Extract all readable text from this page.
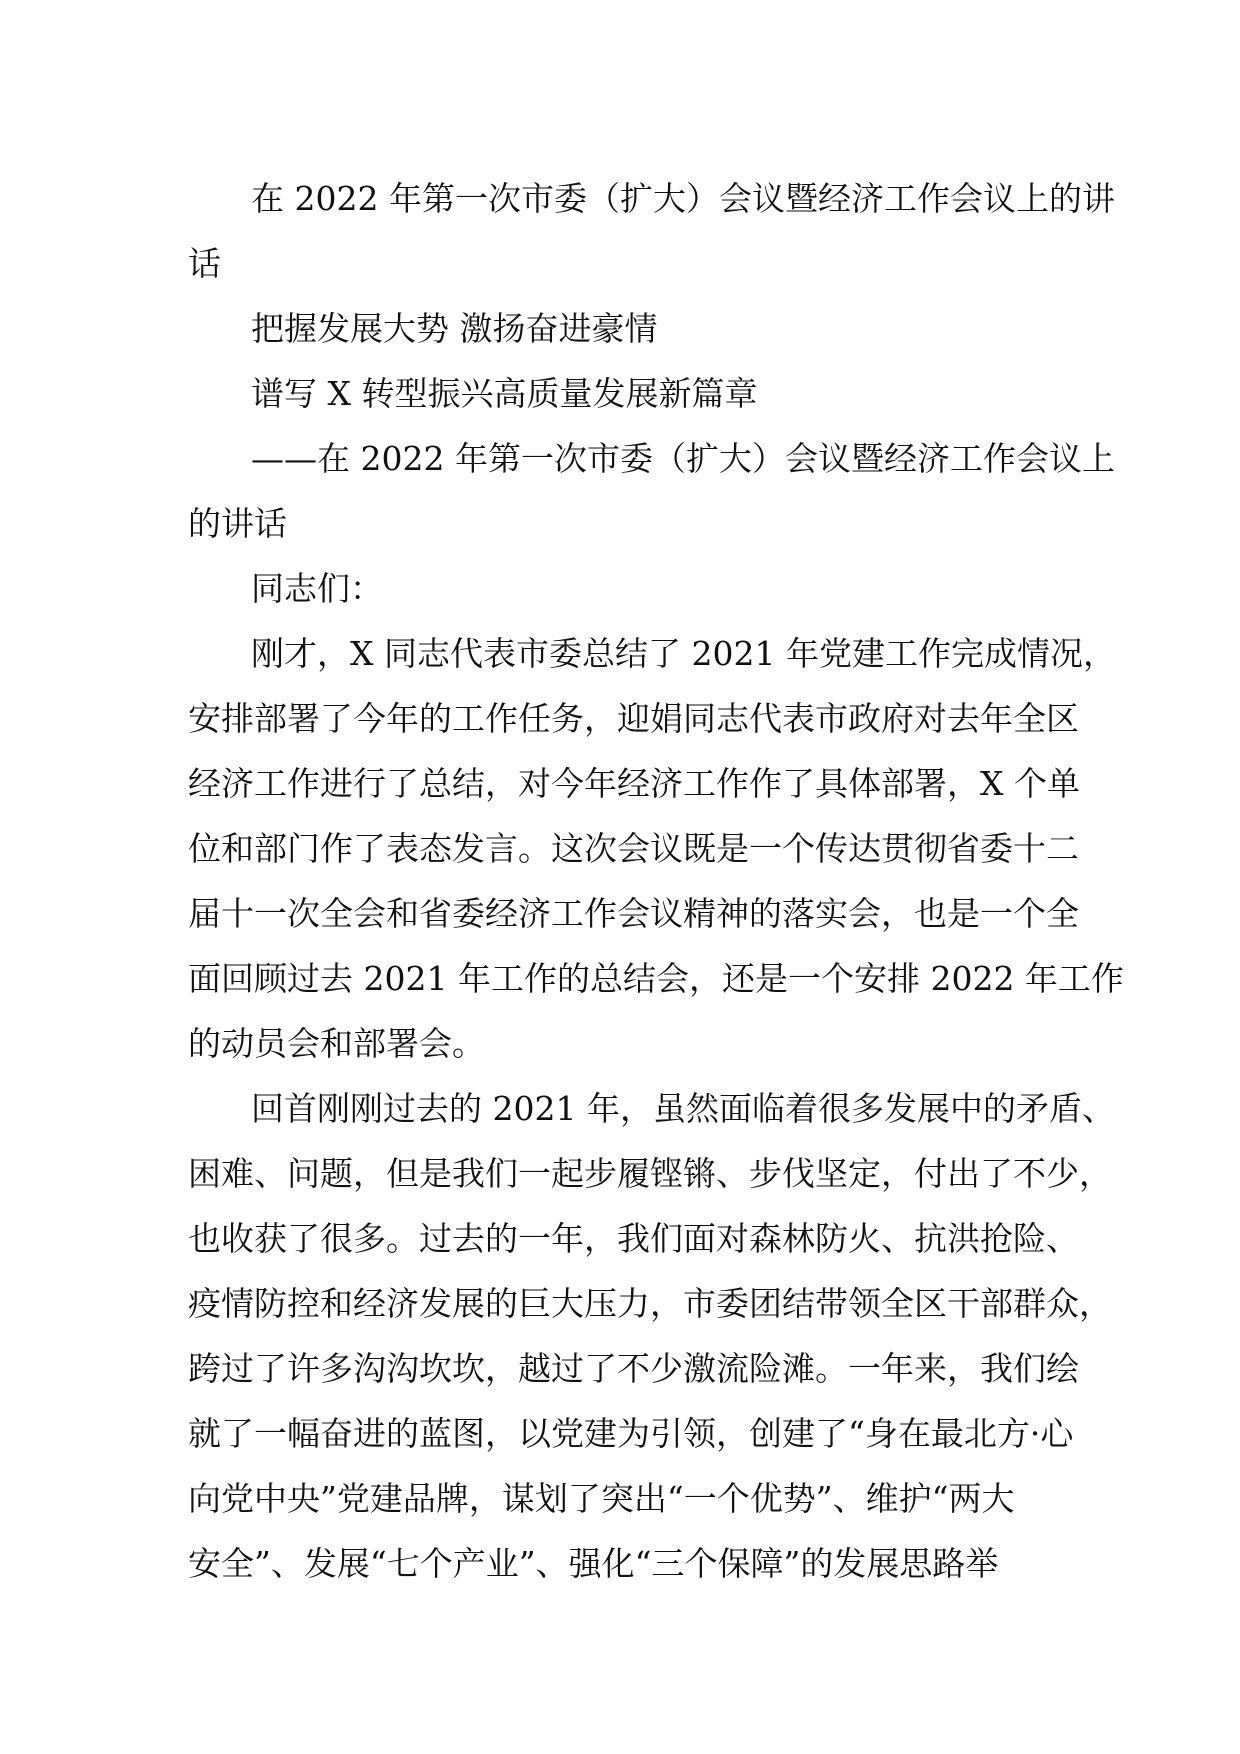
在 2022 年第一次市委（扩大）会议暨经济工作会议上的讲
话
把握发展大势 激扬奋进豪情
谱写 X 转型振兴高质量发展新篇章
——在 2022 年第一次市委（扩大）会议暨经济工作会议上
的讲话
同志们：
刚才，X 同志代表市委总结了 2021 年党建工作完成情况，
安排部署了今年的工作任务，迎娟同志代表市政府对去年全区
经济工作进行了总结，对今年经济工作作了具体部署，X 个单
位和部门作了表态发言。这次会议既是一个传达贯彻省委十二
届十一次全会和省委经济工作会议精神的落实会，也是一个全
面回顾过去 2021 年工作的总结会，还是一个安排 2022 年工作
的动员会和部署会。
回首刚刚过去的 2021 年，虽然面临着很多发展中的矛盾、
困难、问题，但是我们一起步履铿锵、步伐坚定，付出了不少，
也收获了很多。过去的一年，我们面对森林防火、抗洪抢险、
疫情防控和经济发展的巨大压力，市委团结带领全区干部群众，
跨过了许多沟沟坎坎，越过了不少激流险滩。一年来，我们绘
就了一幅奋进的蓝图，以党建为引领，创建了“身在最北方·心
向党中央”党建品牌，谋划了突出“一个优势”、维护“两大
安全”、发展“七个产业”、强化“三个保障”的发展思路举
